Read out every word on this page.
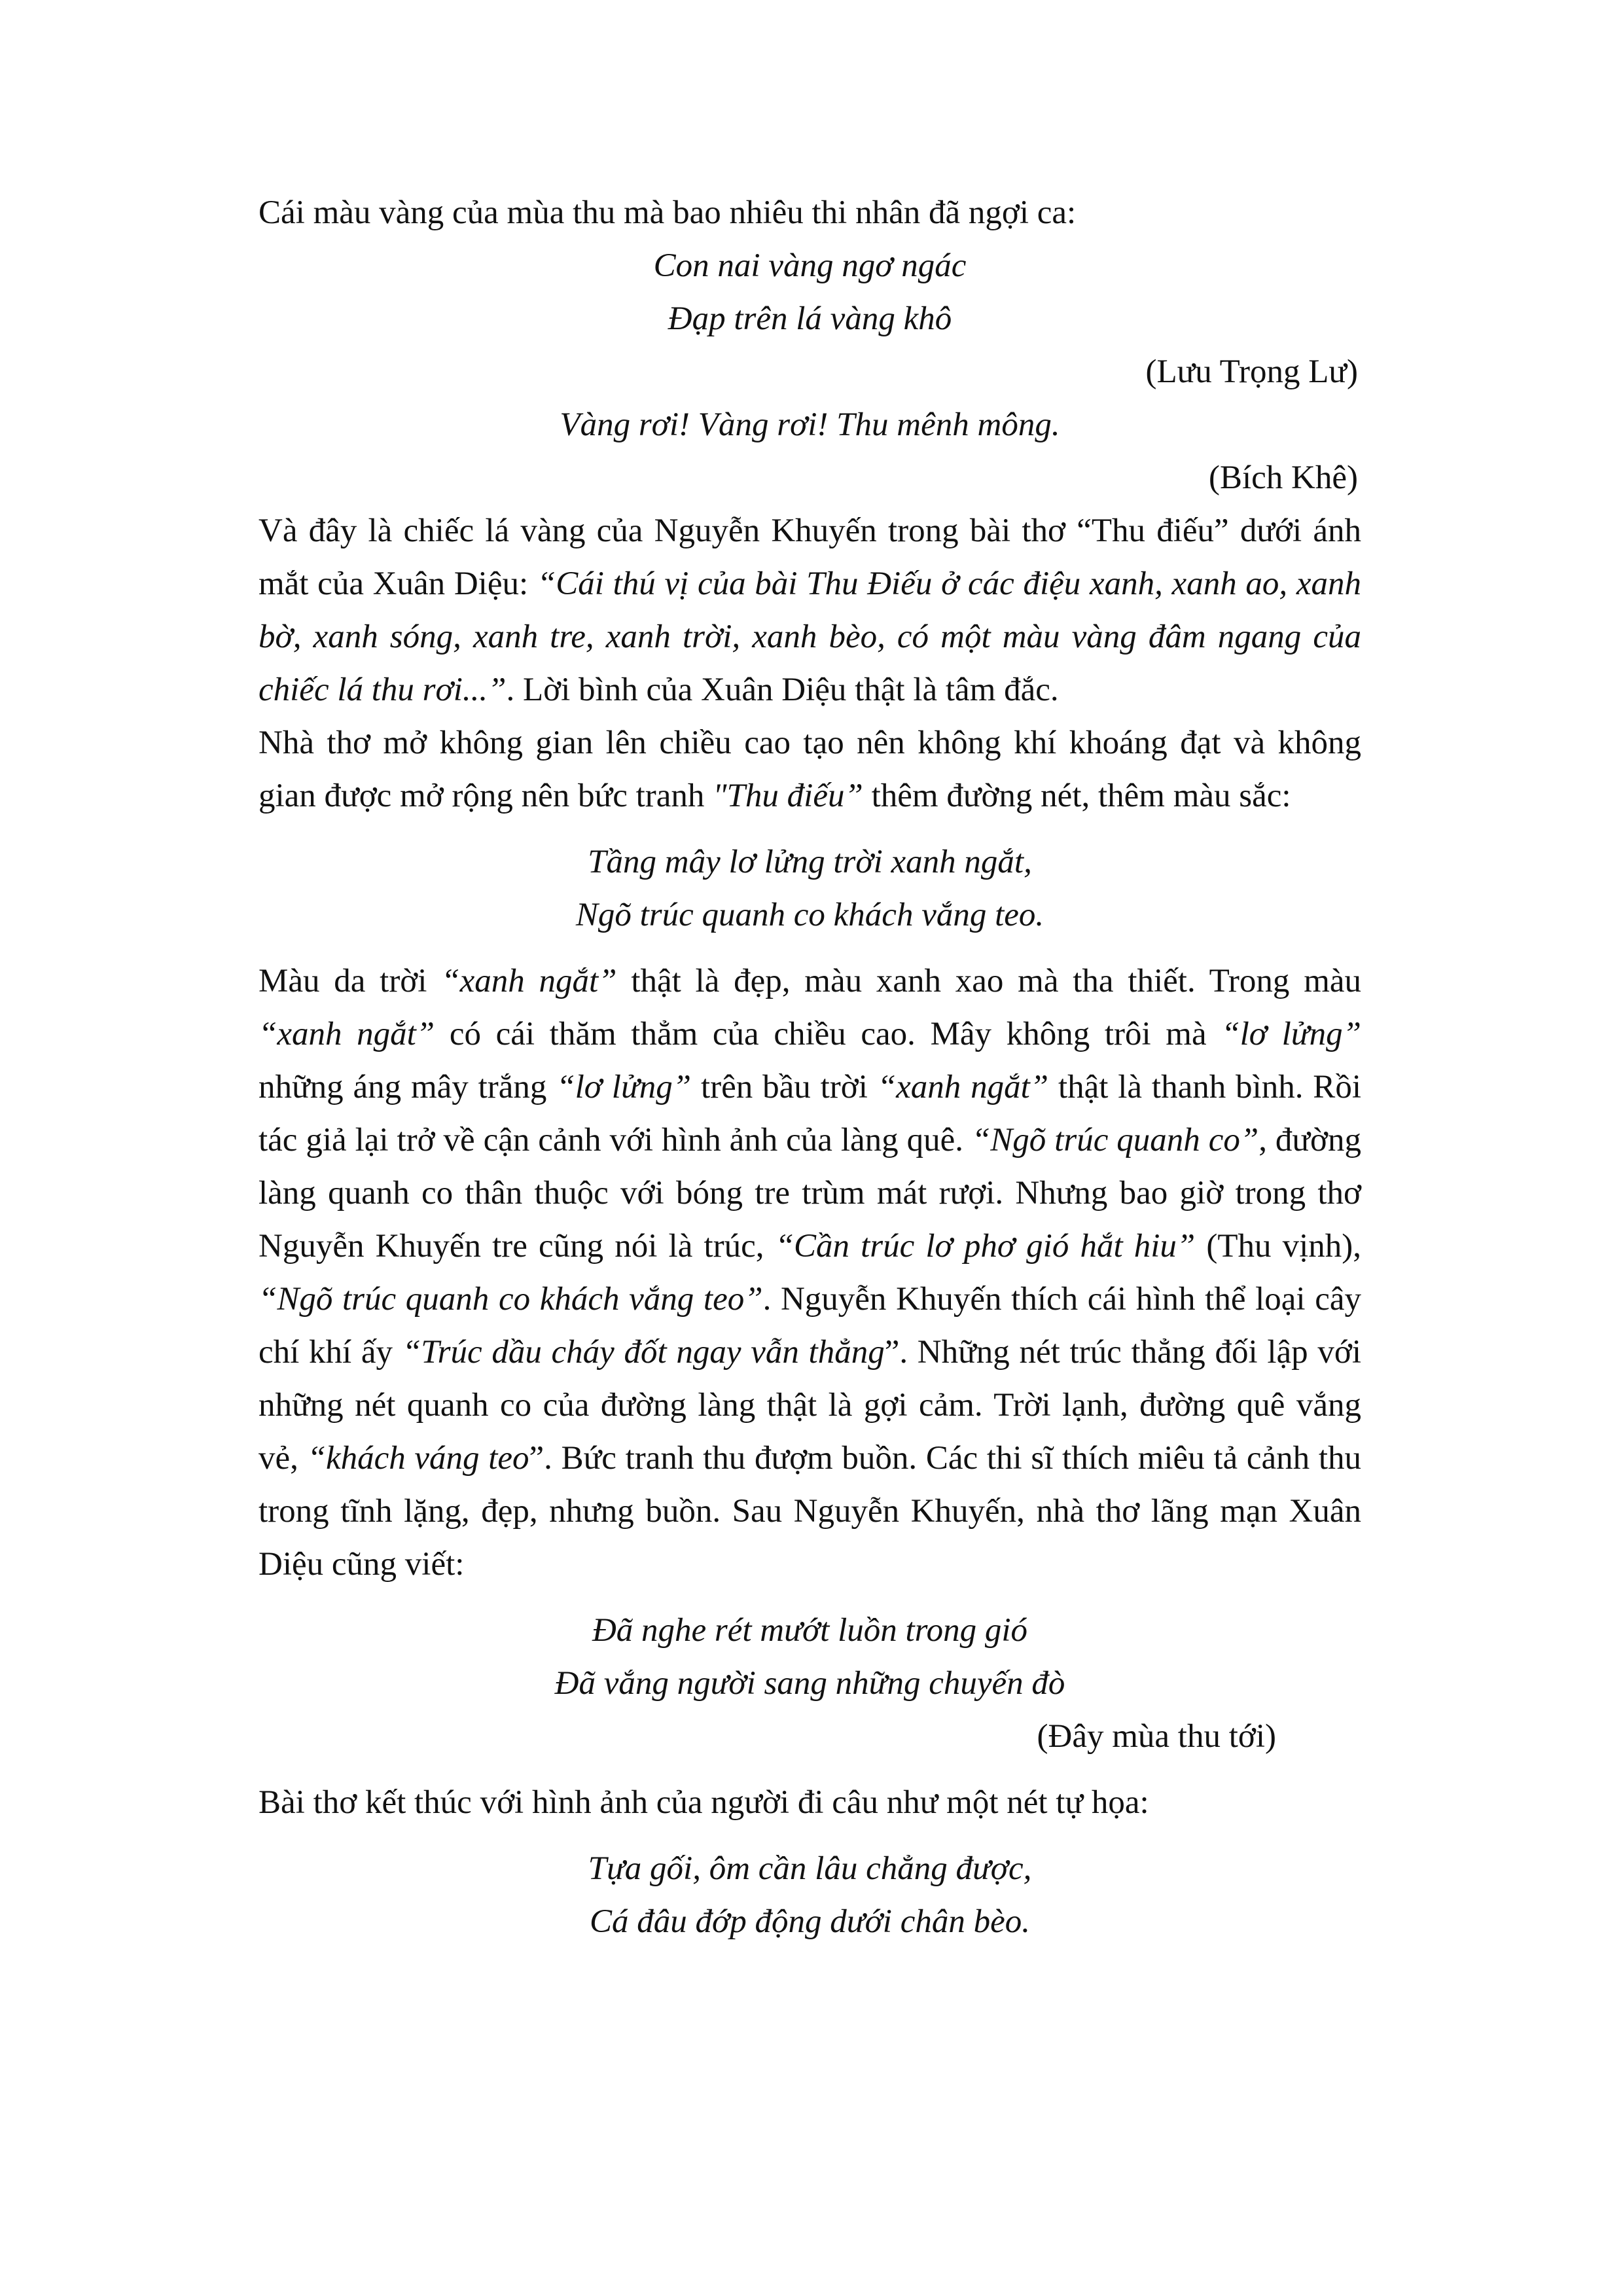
Cái màu vàng của mùa thu mà bao nhiêu thi nhân đã ngợi ca:

Con nai vàng ngơ ngác

Đạp trên lá vàng khô

(Lưu Trọng Lư)

Vàng rơi! Vàng rơi! Thu mênh mông.

(Bích Khê)

Và đây là chiếc lá vàng của Nguyễn Khuyến trong bài thơ “Thu điếu” dưới ánh mắt của Xuân Diệu: “Cái thú vị của bài Thu Điếu ở các điệu xanh, xanh ao, xanh bờ, xanh sóng, xanh tre, xanh trời, xanh bèo, có một màu vàng đâm ngang của chiếc lá thu rơi...”. Lời bình của Xuân Diệu thật là tâm đắc.

Nhà thơ mở không gian lên chiều cao tạo nên không khí khoáng đạt và không gian được mở rộng nên bức tranh "Thu điếu” thêm đường nét, thêm màu sắc:

Tầng mây lơ lửng trời xanh ngắt,

Ngõ trúc quanh co khách vắng teo.

Màu da trời “xanh ngắt” thật là đẹp, màu xanh xao mà tha thiết. Trong màu “xanh ngắt” có cái thăm thẳm của chiều cao. Mây không trôi mà “lơ lửng” những áng mây trắng “lơ lửng” trên bầu trời “xanh ngắt” thật là thanh bình. Rồi tác giả lại trở về cận cảnh với hình ảnh của làng quê. “Ngõ trúc quanh co”, đường làng quanh co thân thuộc với bóng tre trùm mát rượi. Nhưng bao giờ trong thơ Nguyễn Khuyến tre cũng nói là trúc, “Cần trúc lơ phơ gió hắt hiu” (Thu vịnh), “Ngõ trúc quanh co khách vắng teo”. Nguyễn Khuyến thích cái hình thể loại cây chí khí ấy “Trúc dầu cháy đốt ngay vẫn thẳng”. Những nét trúc thẳng đối lập với những nét quanh co của đường làng thật là gợi cảm. Trời lạnh, đường quê vắng vẻ, “khách váng teo”. Bức tranh thu đượm buồn. Các thi sĩ thích miêu tả cảnh thu trong tĩnh lặng, đẹp, nhưng buồn. Sau Nguyễn Khuyến, nhà thơ lãng mạn Xuân Diệu cũng viết:

Đã nghe rét mướt luồn trong gió

Đã vắng người sang những chuyến đò

(Đây mùa thu tới)

Bài thơ kết thúc với hình ảnh của người đi câu như một nét tự họa:

Tựa gối, ôm cần lâu chẳng được,

Cá đâu đớp động dưới chân bèo.
